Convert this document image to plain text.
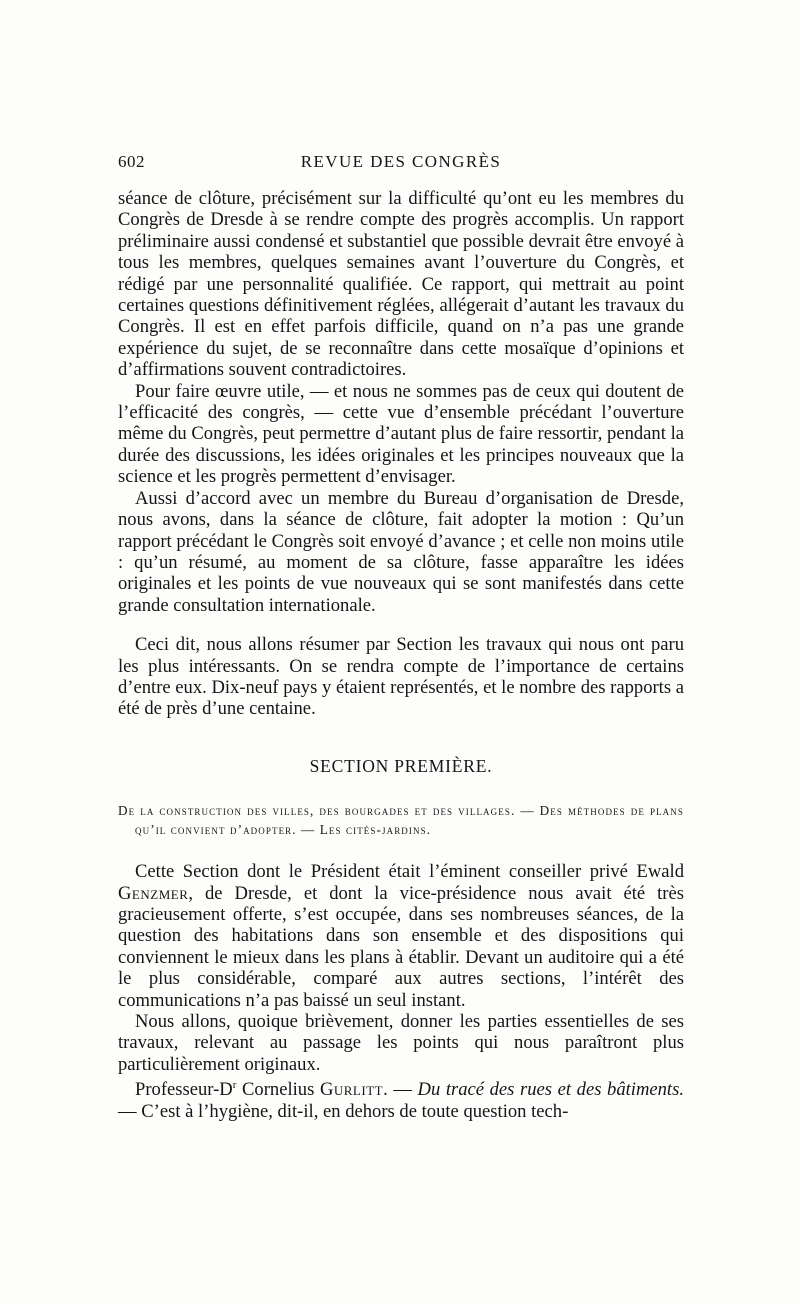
602	REVUE DES CONGRÈS

séance de clôture, précisément sur la difficulté qu’ont eu les membres du Congrès de Dresde à se rendre compte des progrès accomplis. Un rapport préliminaire aussi condensé et substantiel que possible devrait être envoyé à tous les membres, quelques semaines avant l’ouverture du Congrès, et rédigé par une personnalité qualifiée. Ce rapport, qui mettrait au point certaines questions définitivement réglées, allégerait d’autant les travaux du Congrès. Il est en effet parfois difficile, quand on n’a pas une grande expérience du sujet, de se reconnaître dans cette mosaïque d’opinions et d’affirmations souvent contradictoires.

Pour faire œuvre utile, — et nous ne sommes pas de ceux qui doutent de l’efficacité des congrès, — cette vue d’ensemble précédant l’ouverture même du Congrès, peut permettre d’autant plus de faire ressortir, pendant la durée des discussions, les idées originales et les principes nouveaux que la science et les progrès permettent d’envisager.

Aussi d’accord avec un membre du Bureau d’organisation de Dresde, nous avons, dans la séance de clôture, fait adopter la motion : Qu’un rapport précédant le Congrès soit envoyé d’avance ; et celle non moins utile : qu’un résumé, au moment de sa clôture, fasse apparaître les idées originales et les points de vue nouveaux qui se sont manifestés dans cette grande consultation internationale.

Ceci dit, nous allons résumer par Section les travaux qui nous ont paru les plus intéressants. On se rendra compte de l’importance de certains d’entre eux. Dix-neuf pays y étaient représentés, et le nombre des rapports a été de près d’une centaine.

SECTION PREMIÈRE.
De la construction des villes, des bourgades et des villages. — Des méthodes de plans qu’il convient d’adopter. — Les cités-jardins.

Cette Section dont le Président était l’éminent conseiller privé Ewald Genzmer, de Dresde, et dont la vice-présidence nous avait été très gracieusement offerte, s’est occupée, dans ses nombreuses séances, de la question des habitations dans son ensemble et des dispositions qui conviennent le mieux dans les plans à établir. Devant un auditoire qui a été le plus considérable, comparé aux autres sections, l’intérêt des communications n’a pas baissé un seul instant.

Nous allons, quoique brièvement, donner les parties essentielles de ses travaux, relevant au passage les points qui nous paraîtront plus particulièrement originaux.

Professeur-$D^r$ Cornelius Gurlitt. — Du tracé des rues et des bâtiments. — C’est à l’hygiène, dit-il, en dehors de toute question tech-
